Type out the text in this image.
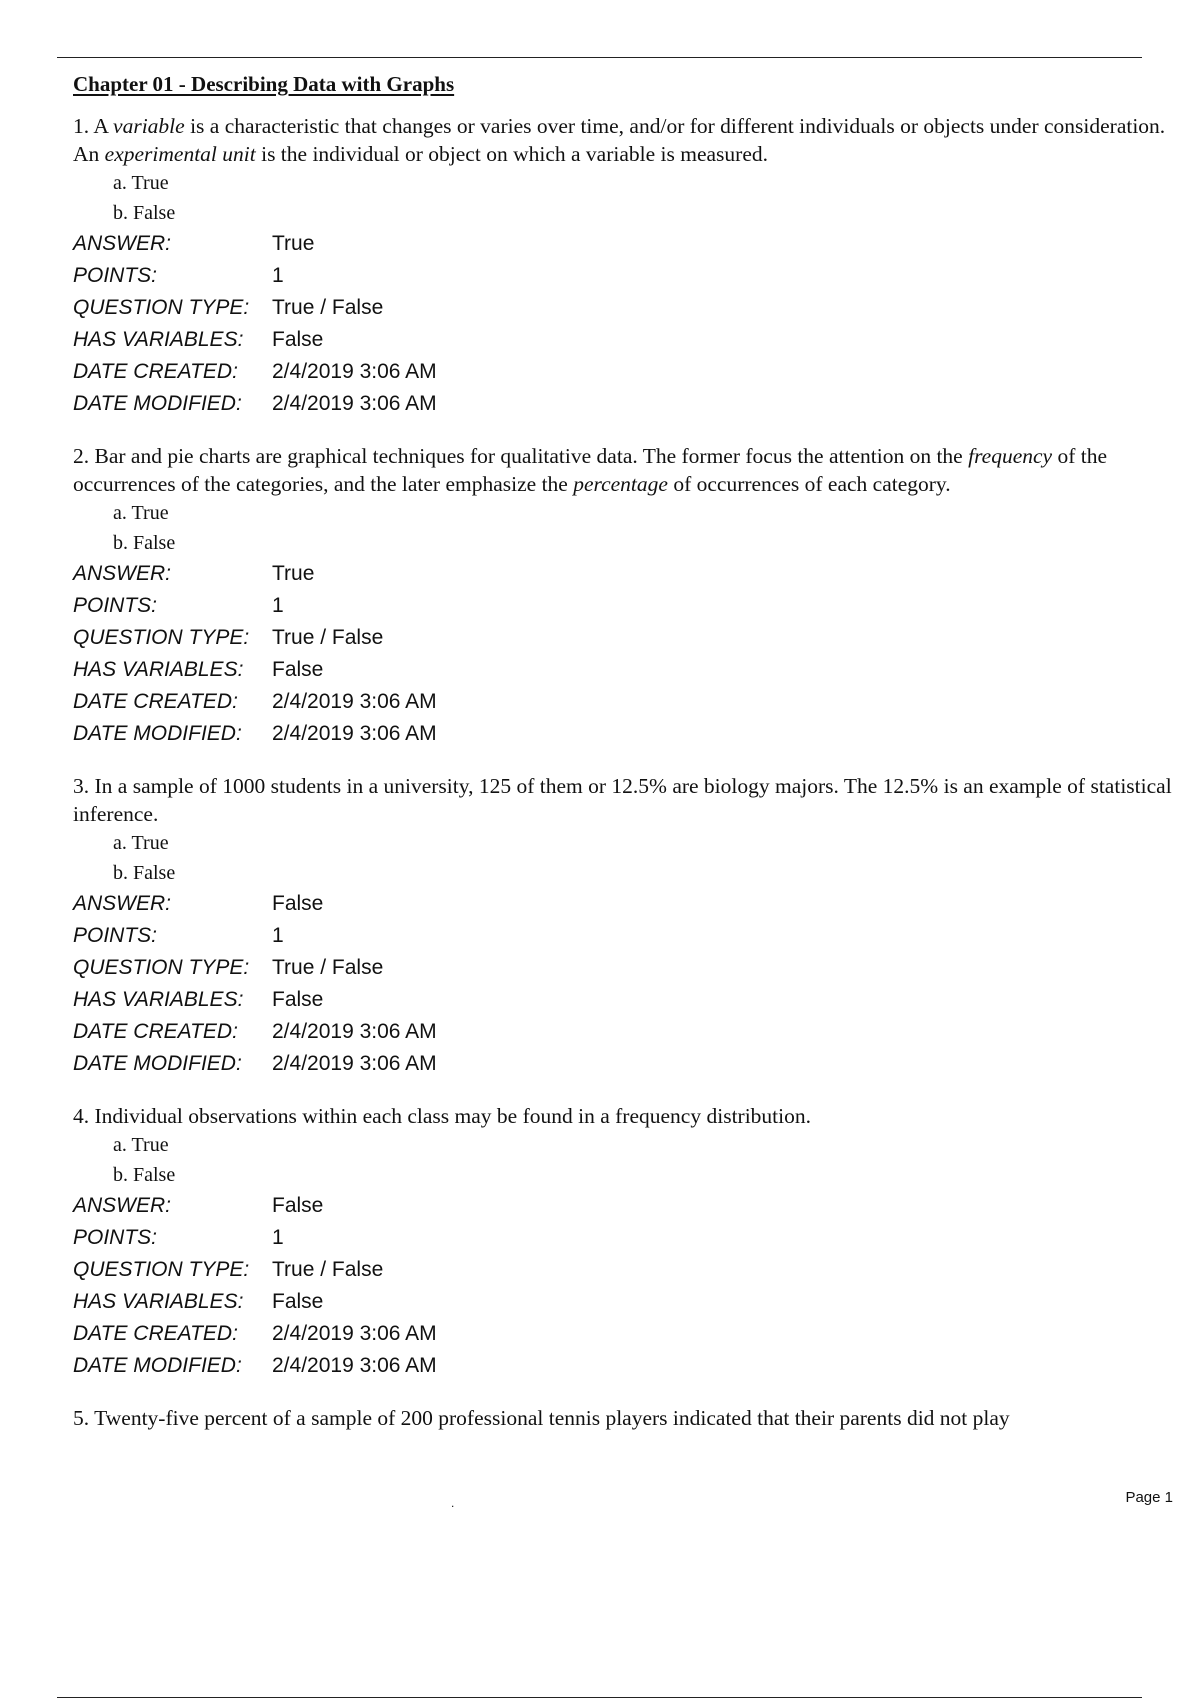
Chapter 01 - Describing Data with Graphs

1. A variable is a characteristic that changes or varies over time, and/or for different individuals or objects under consideration. An experimental unit is the individual or object on which a variable is measured.

a. True
b. False
ANSWER:	True
POINTS:	1
QUESTION TYPE:	True / False
HAS VARIABLES:	False
DATE CREATED:	2/4/2019 3:06 AM
DATE MODIFIED:	2/4/2019 3:06 AM

2. Bar and pie charts are graphical techniques for qualitative data. The former focus the attention on the frequency of the occurrences of the categories, and the later emphasize the percentage of occurrences of each category.

a. True
b. False
ANSWER:	True
POINTS:	1
QUESTION TYPE:	True / False
HAS VARIABLES:	False
DATE CREATED:	2/4/2019 3:06 AM
DATE MODIFIED:	2/4/2019 3:06 AM

3. In a sample of 1000 students in a university, 125 of them or 12.5% are biology majors. The 12.5% is an example of statistical inference.

a. True
b. False
ANSWER:	False
POINTS:	1
QUESTION TYPE:	True / False
HAS VARIABLES:	False
DATE CREATED:	2/4/2019 3:06 AM
DATE MODIFIED:	2/4/2019 3:06 AM

4. Individual observations within each class may be found in a frequency distribution.

a. True
b. False
ANSWER:	False
POINTS:	1
QUESTION TYPE:	True / False
HAS VARIABLES:	False
DATE CREATED:	2/4/2019 3:06 AM
DATE MODIFIED:	2/4/2019 3:06 AM

5. Twenty-five percent of a sample of 200 professional tennis players indicated that their parents did not play

.	Page 1
